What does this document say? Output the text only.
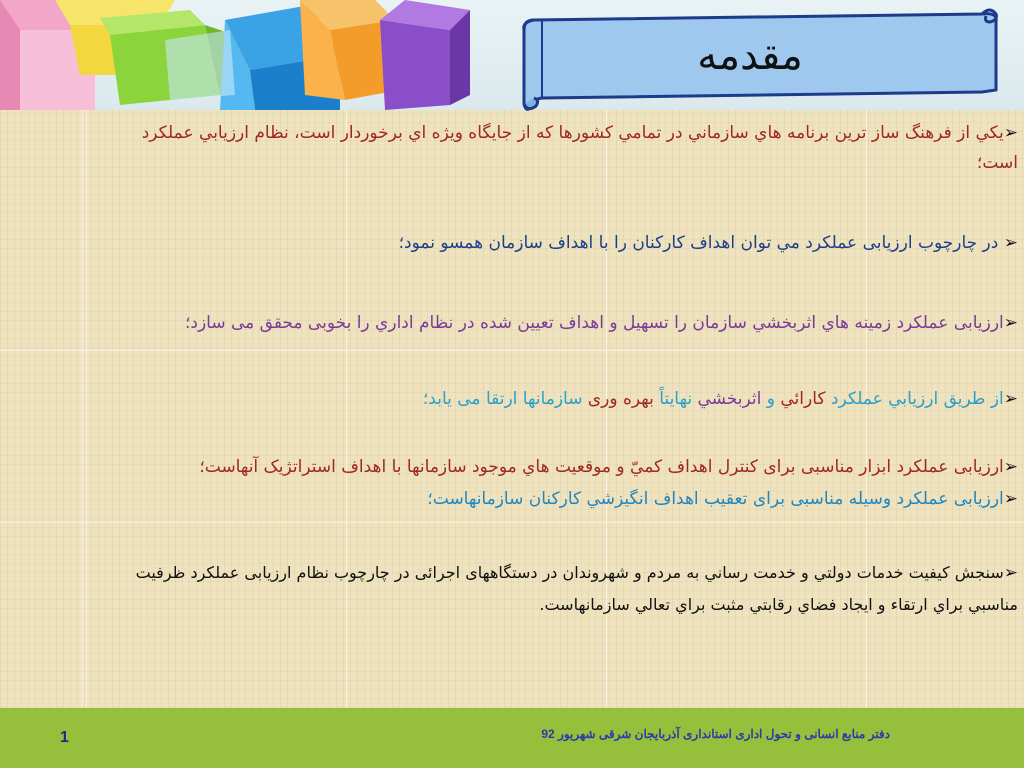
مقدمه
➢يکي از فرهنگ ساز ترين برنامه هاي سازماني در تمامي کشورها که از جايگاه ويژه اي برخوردار است، نظام ارزيابي عملکرد
است؛
➢ در چارچوب ارزيابی عملکرد مي توان اهداف کارکنان را با اهداف سازمان همسو نمود؛
➢ارزيابی عملکرد زمينه هاي اثربخشي سازمان را تسهيل و اهداف تعيين شده در نظام اداري را بخوبی محقق می سازد؛
➢از طريق ارزيابي عملکرد کارائي و اثربخشي نهايتاً بهره وری سازمانها ارتقا می يابد؛
➢ارزيابی عملکرد ابزار مناسبی برای کنترل اهداف کميّ و موقعيت هاي موجود سازمانها با اهداف استراتژيک آنهاست؛
➢ارزيابی عملکرد وسيله مناسبی برای تعقيب اهداف انگيزشي کارکنان سازمانهاست؛
➢سنجش کيفيت خدمات دولتي و خدمت رساني به مردم و شهروندان در دستگاههای اجرائی در چارچوب نظام ارزيابی عملکرد ظرفيت
مناسبي براي ارتقاء و ايجاد فضاي رقابتي مثبت براي تعالي سازمانهاست.
1	دفتر منابع انسانی و تحول اداری استانداری آذربایجان شرقی شهریور 92
